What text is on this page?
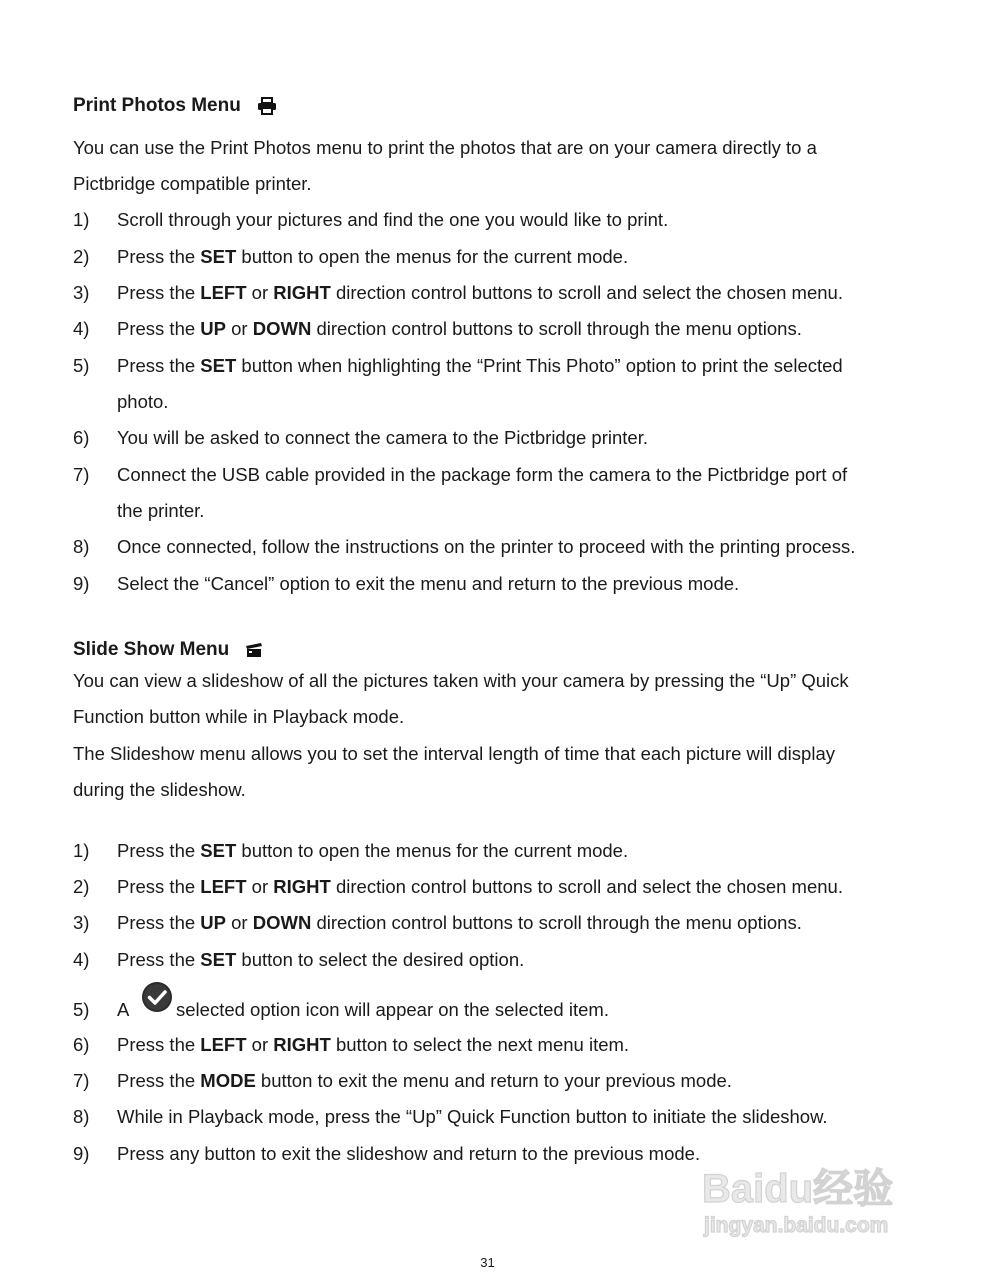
Print Photos Menu
You can use the Print Photos menu to print the photos that are on your camera directly to a
Pictbridge compatible printer.
1) Scroll through your pictures and find the one you would like to print.
2) Press the SET button to open the menus for the current mode.
3) Press the LEFT or RIGHT direction control buttons to scroll and select the chosen menu.
4) Press the UP or DOWN direction control buttons to scroll through the menu options.
5) Press the SET button when highlighting the “Print This Photo” option to print the selected
photo.
6) You will be asked to connect the camera to the Pictbridge printer.
7) Connect the USB cable provided in the package form the camera to the Pictbridge port of
the printer.
8) Once connected, follow the instructions on the printer to proceed with the printing process.
9) Select the “Cancel” option to exit the menu and return to the previous mode.
Slide Show Menu
You can view a slideshow of all the pictures taken with your camera by pressing the “Up” Quick
Function button while in Playback mode.
The Slideshow menu allows you to set the interval length of time that each picture will display
during the slideshow.
1) Press the SET button to open the menus for the current mode.
2) Press the LEFT or RIGHT direction control buttons to scroll and select the chosen menu.
3) Press the UP or DOWN direction control buttons to scroll through the menu options.
4) Press the SET button to select the desired option.
5) A	selected option icon will appear on the selected item.
6) Press the LEFT or RIGHT button to select the next menu item.
7) Press the MODE button to exit the menu and return to your previous mode.
8) While in Playback mode, press the “Up” Quick Function button to initiate the slideshow.
9) Press any button to exit the slideshow and return to the previous mode.
Baidu经验
jingyan.baidu.com
31
